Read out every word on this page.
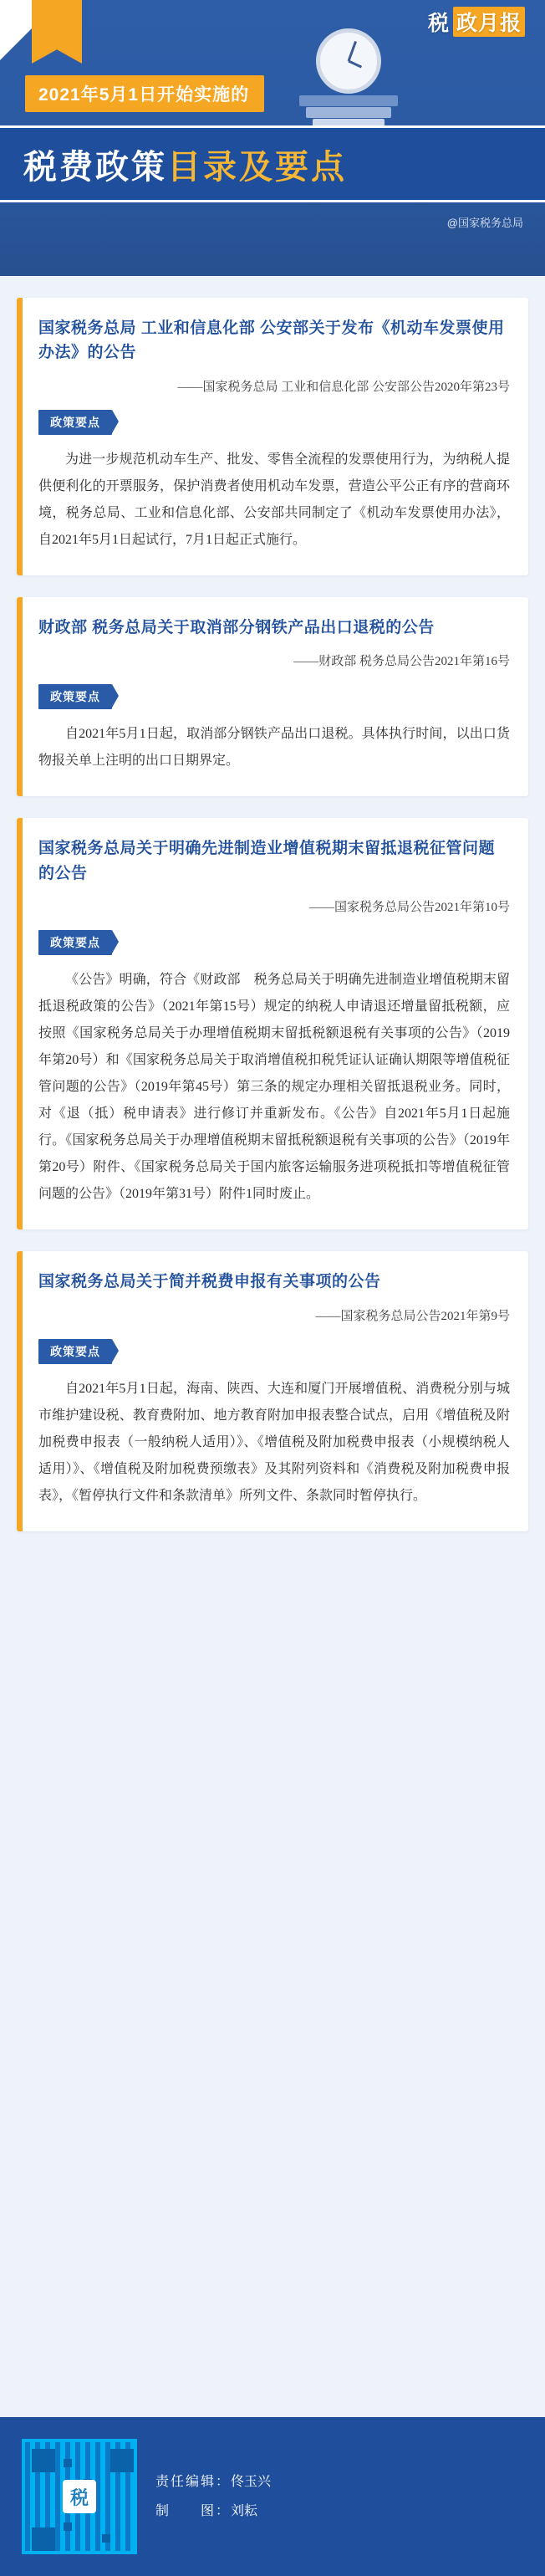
税 政月报
2021年5月1日开始实施的
税费政策 目录及要点
@国家税务总局
国家税务总局 工业和信息化部 公安部关于发布《机动车发票使用办法》的公告
——国家税务总局 工业和信息化部 公安部公告2020年第23号
政策要点
为进一步规范机动车生产、批发、零售全流程的发票使用行为，为纳税人提供便利化的开票服务，保护消费者使用机动车发票，营造公平公正有序的营商环境，税务总局、工业和信息化部、公安部共同制定了《机动车发票使用办法》，自2021年5月1日起试行，7月1日起正式施行。
财政部 税务总局关于取消部分钢铁产品出口退税的公告
——财政部 税务总局公告2021年第16号
政策要点
自2021年5月1日起，取消部分钢铁产品出口退税。具体执行时间，以出口货物报关单上注明的出口日期界定。
国家税务总局关于明确先进制造业增值税期末留抵退税征管问题的公告
——国家税务总局公告2021年第10号
政策要点
《公告》明确，符合《财政部　税务总局关于明确先进制造业增值税期末留抵退税政策的公告》（2021年第15号）规定的纳税人申请退还增量留抵税额，应按照《国家税务总局关于办理增值税期末留抵税额退税有关事项的公告》（2019年第20号）和《国家税务总局关于取消增值税扣税凭证认证确认期限等增值税征管问题的公告》（2019年第45号）第三条的规定办理相关留抵退税业务。同时，对《退（抵）税申请表》进行修订并重新发布。《公告》自2021年5月1日起施行。《国家税务总局关于办理增值税期末留抵税额退税有关事项的公告》（2019年第20号）附件、《国家税务总局关于国内旅客运输服务进项税抵扣等增值税征管问题的公告》（2019年第31号）附件1同时废止。
国家税务总局关于简并税费申报有关事项的公告
——国家税务总局公告2021年第9号
政策要点
自2021年5月1日起，海南、陕西、大连和厦门开展增值税、消费税分别与城市维护建设税、教育费附加、地方教育附加申报表整合试点，启用《增值税及附加税费申报表（一般纳税人适用）》、《增值税及附加税费申报表（小规模纳税人适用）》、《增值税及附加税费预缴表》及其附列资料和《消费税及附加税费申报表》，《暂停执行文件和条款清单》所列文件、条款同时暂停执行。
税
责任编辑：佟玉兴
制　　图：刘耘
